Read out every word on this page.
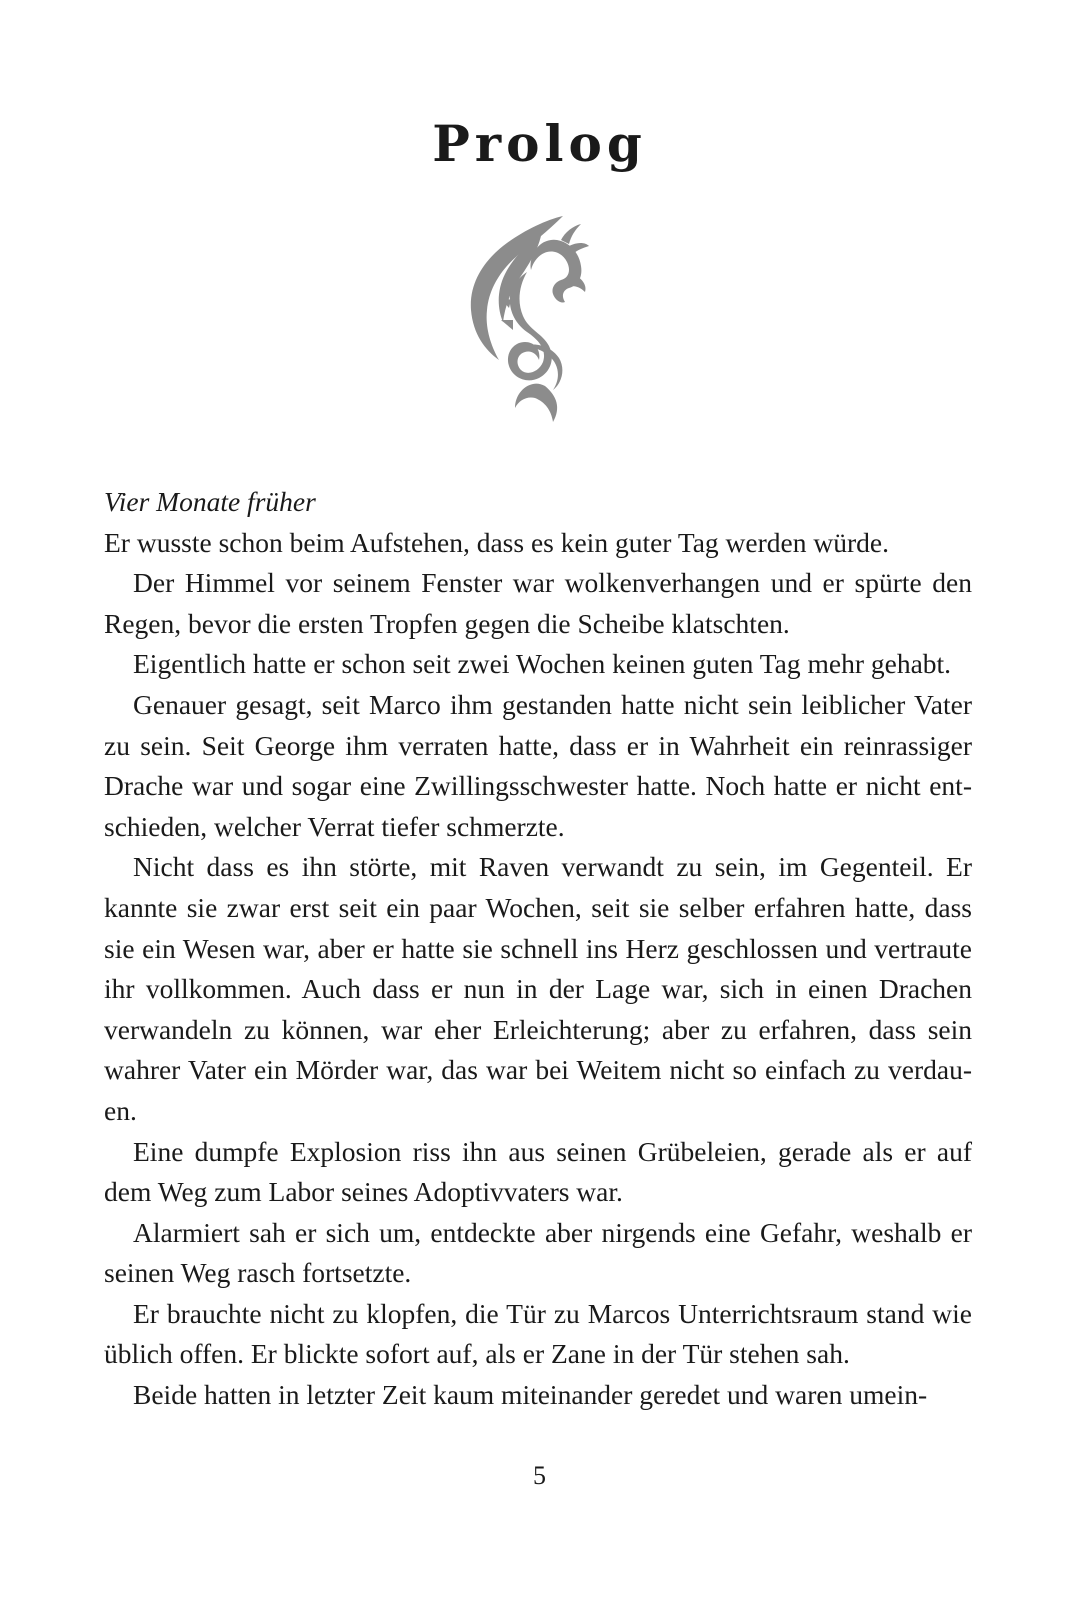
Prolog

Vier Monate früher

Er wusste schon beim Aufstehen, dass es kein guter Tag werden würde.

Der Himmel vor seinem Fenster war wolkenverhangen und er spürte den Regen, bevor die ersten Tropfen gegen die Scheibe klatschten.

Eigentlich hatte er schon seit zwei Wochen keinen guten Tag mehr gehabt.

Genauer gesagt, seit Marco ihm gestanden hatte nicht sein leiblicher Vater zu sein. Seit George ihm verraten hatte, dass er in Wahrheit ein reinrassiger Drache war und sogar eine Zwillingsschwester hatte. Noch hatte er nicht entschieden, welcher Verrat tiefer schmerzte.

Nicht dass es ihn störte, mit Raven verwandt zu sein, im Gegenteil. Er kannte sie zwar erst seit ein paar Wochen, seit sie selber erfahren hatte, dass sie ein Wesen war, aber er hatte sie schnell ins Herz geschlossen und vertraute ihr vollkommen. Auch dass er nun in der Lage war, sich in einen Drachen verwandeln zu können, war eher Erleichterung; aber zu erfahren, dass sein wahrer Vater ein Mörder war, das war bei Weitem nicht so einfach zu verdauen.

Eine dumpfe Explosion riss ihn aus seinen Grübeleien, gerade als er auf dem Weg zum Labor seines Adoptivvaters war.

Alarmiert sah er sich um, entdeckte aber nirgends eine Gefahr, weshalb er seinen Weg rasch fortsetzte.

Er brauchte nicht zu klopfen, die Tür zu Marcos Unterrichtsraum stand wie üblich offen. Er blickte sofort auf, als er Zane in der Tür stehen sah.

Beide hatten in letzter Zeit kaum miteinander geredet und waren umein-

5
